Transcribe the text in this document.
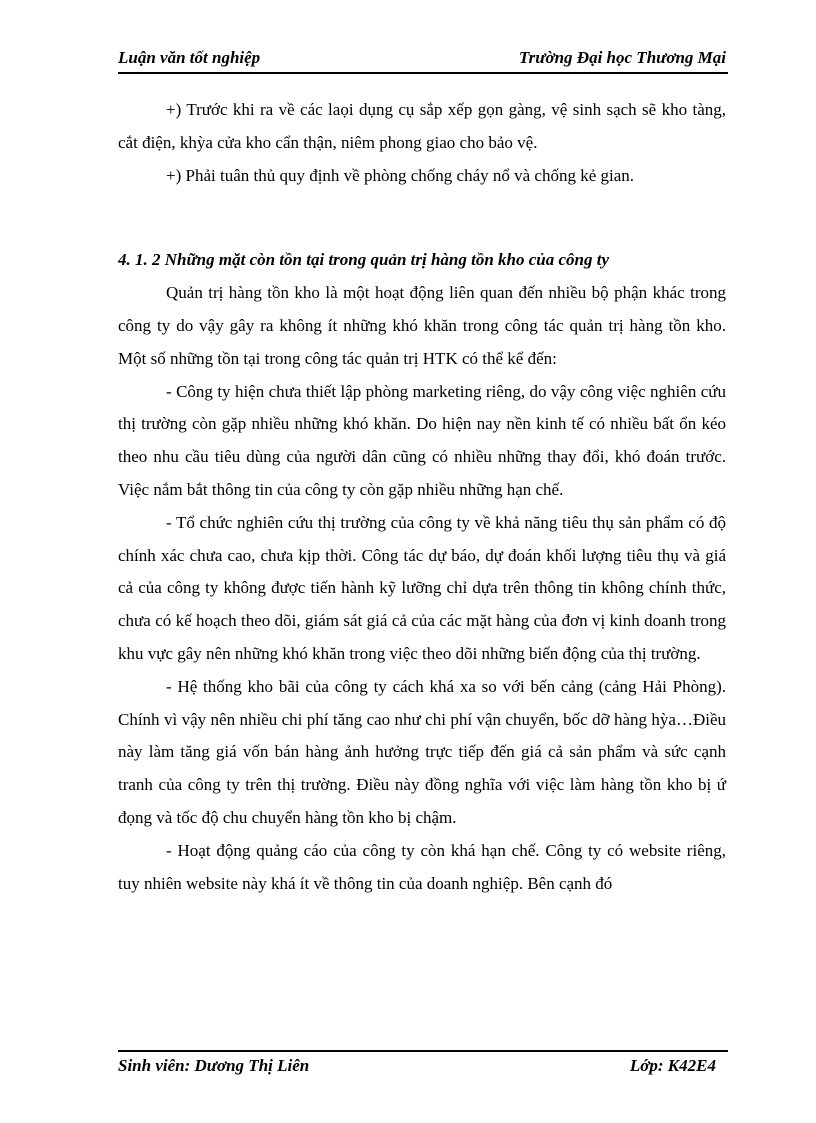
Luận văn tốt nghiệp	Trường Đại học Thương Mại

+) Trước khi ra về các laọi dụng cụ sắp xếp gọn gàng, vệ sinh sạch sẽ kho tàng, cắt điện, khỳa cửa kho cẩn thận, niêm phong giao cho bảo vệ.

+) Phải tuân thủ quy định về phòng chống cháy nổ và chống kẻ gian.

4. 1. 2 Những mặt còn tồn tại trong quản trị hàng tồn kho của công ty

Quản trị hàng tồn kho là một hoạt động liên quan đến nhiều bộ phận khác trong công ty do vậy gây ra không ít những khó khăn trong công tác quản trị hàng tồn kho. Một số những tồn tại trong công tác quản trị HTK có thể kể đến:

- Công ty hiện chưa thiết lập phòng marketing riêng, do vậy công việc nghiên cứu thị trường còn gặp nhiều những khó khăn. Do hiện nay nền kinh tế có nhiều bất ổn kéo theo nhu cầu tiêu dùng của người dân cũng có nhiều những thay đổi, khó đoán trước. Việc nắm bắt thông tin của công ty còn gặp nhiều những hạn chế.

- Tổ chức nghiên cứu thị trường của công ty về khả năng tiêu thụ sản phẩm có độ chính xác chưa cao, chưa kịp thời. Công tác dự báo, dự đoán khối lượng tiêu thụ và giá cả của công ty không được tiến hành kỹ lưỡng chỉ dựa trên thông tin không chính thức, chưa có kế hoạch theo dõi, giám sát giá cả của các mặt hàng của đơn vị kinh doanh trong khu vực gây nên những khó khăn trong việc theo dõi những biến động của thị trường.

- Hệ thống kho bãi của công ty cách khá xa so với bến cảng (cảng Hải Phòng). Chính vì vậy nên nhiều chi phí tăng cao như chi phí vận chuyển, bốc dỡ hàng hỳa…Điều này làm tăng giá vốn bán hàng ảnh hưởng trực tiếp đến giá cả sản phẩm và sức cạnh tranh của công ty trên thị trường. Điều này đồng nghĩa với việc làm hàng tồn kho bị ứ đọng và tốc độ chu chuyển hàng tồn kho bị chậm.

- Hoạt động quảng cáo của công ty còn khá hạn chế. Công ty có website riêng, tuy nhiên website này khá ít về thông tin của doanh nghiệp. Bên cạnh đó

Sinh viên: Dương Thị Liên	Lớp: K42E4
